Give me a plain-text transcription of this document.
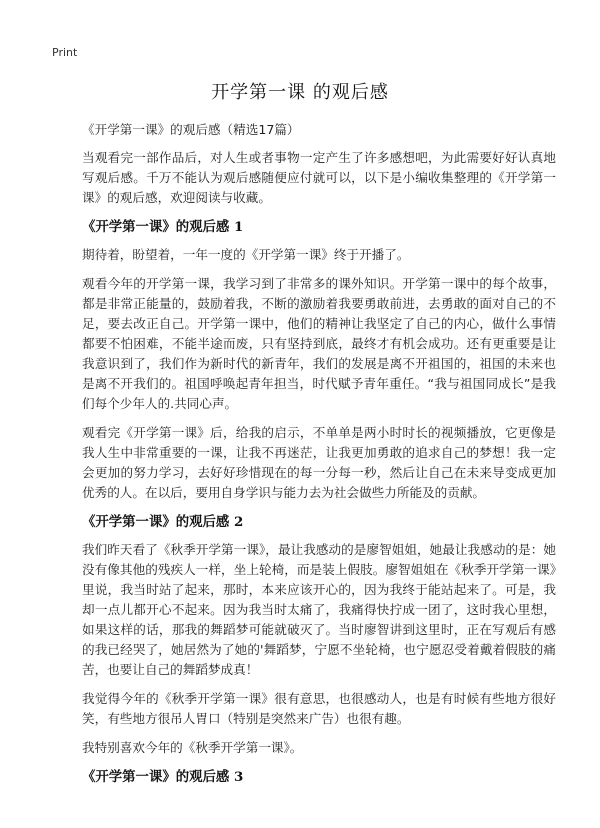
Print
开学第一课 的观后感

《开学第一课》的观后感（精选17篇）

当观看完一部作品后，对人生或者事物一定产生了许多感想吧，为此需要好好认真地写观后感。千万不能认为观后感随便应付就可以，以下是小编收集整理的《开学第一课》的观后感，欢迎阅读与收藏。

《开学第一课》的观后感 1

期待着，盼望着，一年一度的《开学第一课》终于开播了。

观看今年的开学第一课，我学习到了非常多的课外知识。开学第一课中的每个故事，都是非常正能量的，鼓励着我，不断的激励着我要勇敢前进，去勇敢的面对自己的不足，要去改正自己。开学第一课中，他们的精神让我坚定了自己的内心，做什么事情都要不怕困难，不能半途而废，只有坚持到底，最终才有机会成功。还有更重要是让我意识到了，我们作为新时代的新青年，我们的发展是离不开祖国的，祖国的未来也是离不开我们的。祖国呼唤起青年担当，时代赋予青年重任。“我与祖国同成长”是我们每个少年人的.共同心声。

观看完《开学第一课》后，给我的启示，不单单是两小时时长的视频播放，它更像是我人生中非常重要的一课，让我不再迷茫，让我更加勇敢的追求自己的梦想！我一定会更加的努力学习，去好好珍惜现在的每一分每一秒，然后让自己在未来导变成更加优秀的人。在以后，要用自身学识与能力去为社会做些力所能及的贡献。

《开学第一课》的观后感 2

我们昨天看了《秋季开学第一课》，最让我感动的是廖智姐姐，她最让我感动的是：她没有像其他的残疾人一样，坐上轮椅，而是装上假肢。廖智姐姐在《秋季开学第一课》里说，我当时站了起来，那时，本来应该开心的，因为我终于能站起来了。可是，我却一点儿都开心不起来。因为我当时太痛了，我痛得快拧成一团了，这时我心里想，如果这样的话，那我的舞蹈梦可能就破灭了。当时廖智讲到这里时，正在写观后有感的我已经哭了，她居然为了她的'舞蹈梦，宁愿不坐轮椅，也宁愿忍受着戴着假肢的痛苦，也要让自己的舞蹈梦成真！

我觉得今年的《秋季开学第一课》很有意思，也很感动人，也是有时候有些地方很好笑，有些地方很吊人胃口（特别是突然来广告）也很有趣。

我特别喜欢今年的《秋季开学第一课》。

《开学第一课》的观后感 3
